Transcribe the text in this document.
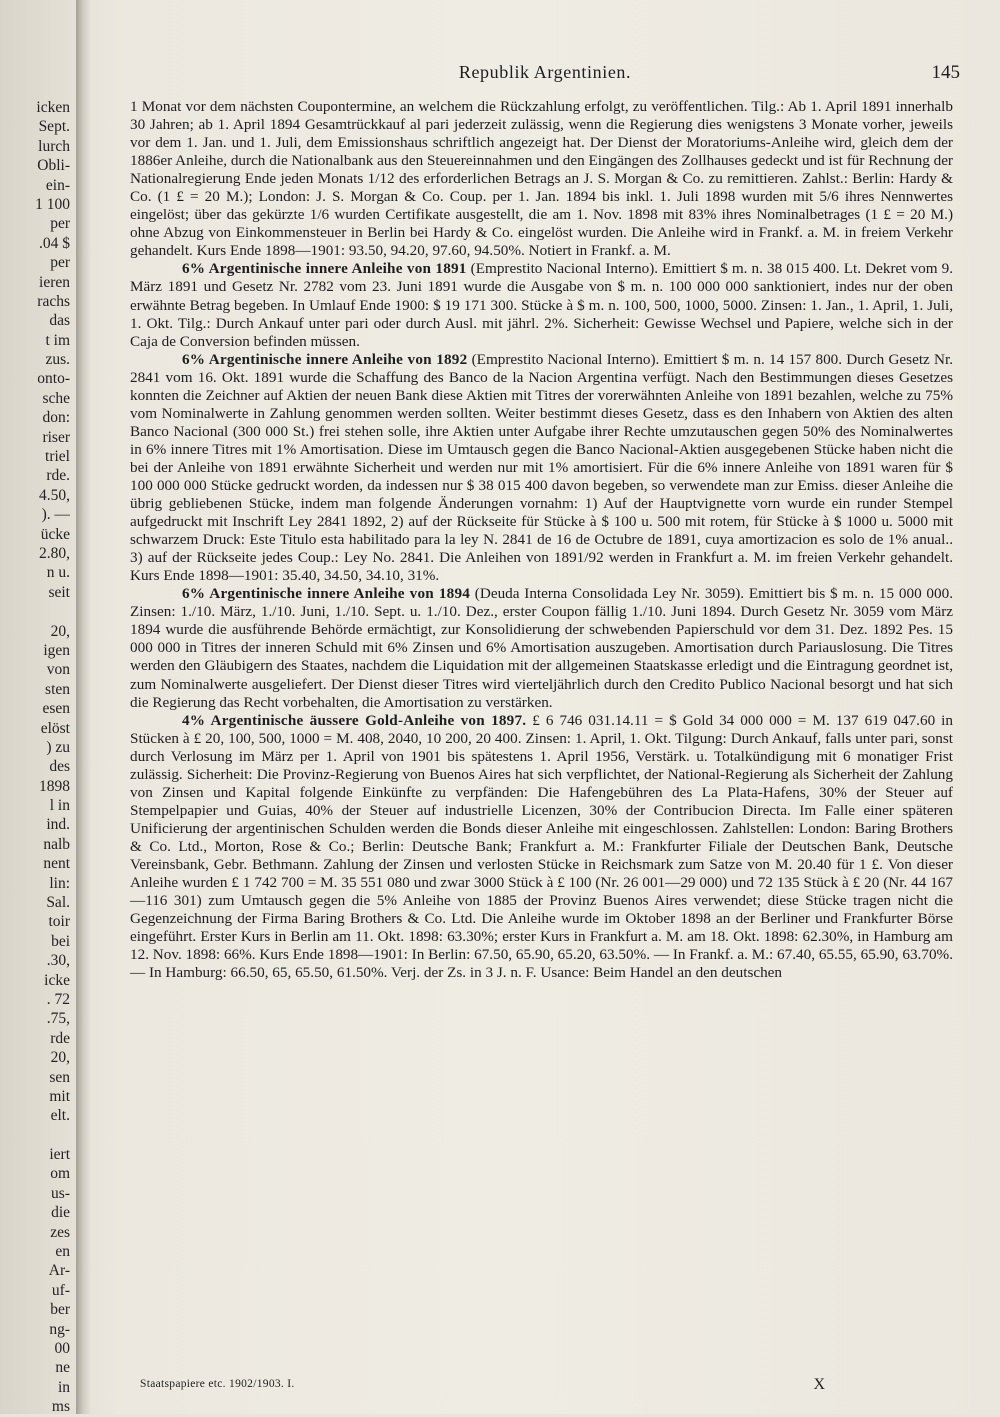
icken
Sept.
lurch
Obli-
ein-
1 100
per
.04 $
per
ieren
rachs
das
t im
zus.
onto-
sche
don:
riser
triel
rde.
4.50,
). —
ücke
2.80,
n u.
seit
20,
igen
von
sten
esen
elöst
) zu
des
1898
l in
ind.
nalb
nent
lin:
Sal.
toir
bei
.30,
icke
. 72
.75,
rde
20,
sen
mit
elt.
iert
om
us-
die
zes
en
Ar-
uf-
ber
ng-
00
ne
in
ms
Republik Argentinien.	145

1 Monat vor dem nächsten Coupontermine, an welchem die Rückzahlung erfolgt, zu veröffentlichen. Tilg.: Ab 1. April 1891 innerhalb 30 Jahren; ab 1. April 1894 Gesamtrückkauf al pari jederzeit zulässig, wenn die Regierung dies wenigstens 3 Monate vorher, jeweils vor dem 1. Jan. und 1. Juli, dem Emissionshaus schriftlich angezeigt hat. Der Dienst der Moratoriums-Anleihe wird, gleich dem der 1886er Anleihe, durch die Nationalbank aus den Steuereinnahmen und den Eingängen des Zollhauses gedeckt und ist für Rechnung der Nationalregierung Ende jeden Monats 1/12 des erforderlichen Betrags an J. S. Morgan & Co. zu remittieren. Zahlst.: Berlin: Hardy & Co. (1 £ = 20 M.); London: J. S. Morgan & Co. Coup. per 1. Jan. 1894 bis inkl. 1. Juli 1898 wurden mit 5/6 ihres Nennwertes eingelöst; über das gekürzte 1/6 wurden Certifikate ausgestellt, die am 1. Nov. 1898 mit 83% ihres Nominalbetrages (1 £ = 20 M.) ohne Abzug von Einkommensteuer in Berlin bei Hardy & Co. eingelöst wurden. Die Anleihe wird in Frankf. a. M. in freiem Verkehr gehandelt. Kurs Ende 1898—1901: 93.50, 94.20, 97.60, 94.50%. Notiert in Frankf. a. M.

6% Argentinische innere Anleihe von 1891 (Emprestito Nacional Interno). Emittiert $ m. n. 38 015 400. Lt. Dekret vom 9. März 1891 und Gesetz Nr. 2782 vom 23. Juni 1891 wurde die Ausgabe von $ m. n. 100 000 000 sanktioniert, indes nur der oben erwähnte Betrag begeben. In Umlauf Ende 1900: $ 19 171 300. Stücke à $ m. n. 100, 500, 1000, 5000. Zinsen: 1. Jan., 1. April, 1. Juli, 1. Okt. Tilg.: Durch Ankauf unter pari oder durch Ausl. mit jährl. 2%. Sicherheit: Gewisse Wechsel und Papiere, welche sich in der Caja de Conversion befinden müssen.

6% Argentinische innere Anleihe von 1892 (Emprestito Nacional Interno). Emittiert $ m. n. 14 157 800. Durch Gesetz Nr. 2841 vom 16. Okt. 1891 wurde die Schaffung des Banco de la Nacion Argentina verfügt. Nach den Bestimmungen dieses Gesetzes konnten die Zeichner auf Aktien der neuen Bank diese Aktien mit Titres der vorerwähnten Anleihe von 1891 bezahlen, welche zu 75% vom Nominalwerte in Zahlung genommen werden sollten. Weiter bestimmt dieses Gesetz, dass es den Inhabern von Aktien des alten Banco Nacional (300 000 St.) frei stehen solle, ihre Aktien unter Aufgabe ihrer Rechte umzutauschen gegen 50% des Nominalwertes in 6% innere Titres mit 1% Amortisation. Diese im Umtausch gegen die Banco Nacional-Aktien ausgegebenen Stücke haben nicht die bei der Anleihe von 1891 erwähnte Sicherheit und werden nur mit 1% amortisiert. Für die 6% innere Anleihe von 1891 waren für $ 100 000 000 Stücke gedruckt worden, da indessen nur $ 38 015 400 davon begeben, so verwendete man zur Emiss. dieser Anleihe die übrig gebliebenen Stücke, indem man folgende Änderungen vornahm: 1) Auf der Hauptvignette vorn wurde ein runder Stempel aufgedruckt mit Inschrift Ley 2841 1892, 2) auf der Rückseite für Stücke à $ 100 u. 500 mit rotem, für Stücke à $ 1000 u. 5000 mit schwarzem Druck: Este Titulo esta habilitado para la ley N. 2841 de 16 de Octubre de 1891, cuya amortizacion es solo de 1% anual.. 3) auf der Rückseite jedes Coup.: Ley No. 2841. Die Anleihen von 1891/92 werden in Frankfurt a. M. im freien Verkehr gehandelt. Kurs Ende 1898—1901: 35.40, 34.50, 34.10, 31%.

6% Argentinische innere Anleihe von 1894 (Deuda Interna Consolidada Ley Nr. 3059). Emittiert bis $ m. n. 15 000 000. Zinsen: 1./10. März, 1./10. Juni, 1./10. Sept. u. 1./10. Dez., erster Coupon fällig 1./10. Juni 1894. Durch Gesetz Nr. 3059 vom März 1894 wurde die ausführende Behörde ermächtigt, zur Konsolidierung der schwebenden Papierschuld vor dem 31. Dez. 1892 Pes. 15 000 000 in Titres der inneren Schuld mit 6% Zinsen und 6% Amortisation auszugeben. Amortisation durch Pariauslosung. Die Titres werden den Gläubigern des Staates, nachdem die Liquidation mit der allgemeinen Staatskasse erledigt und die Eintragung geordnet ist, zum Nominalwerte ausgeliefert. Der Dienst dieser Titres wird vierteljährlich durch den Credito Publico Nacional besorgt und hat sich die Regierung das Recht vorbehalten, die Amortisation zu verstärken.

4% Argentinische äussere Gold-Anleihe von 1897. £ 6 746 031.14.11 = $ Gold 34 000 000 = M. 137 619 047.60 in Stücken à £ 20, 100, 500, 1000 = M. 408, 2040, 10 200, 20 400. Zinsen: 1. April, 1. Okt. Tilgung: Durch Ankauf, falls unter pari, sonst durch Verlosung im März per 1. April von 1901 bis spätestens 1. April 1956, Verstärk. u. Totalkündigung mit 6 monatiger Frist zulässig. Sicherheit: Die Provinz-Regierung von Buenos Aires hat sich verpflichtet, der National-Regierung als Sicherheit der Zahlung von Zinsen und Kapital folgende Einkünfte zu verpfänden: Die Hafengebühren des La Plata-Hafens, 30% der Steuer auf Stempelpapier und Guias, 40% der Steuer auf industrielle Licenzen, 30% der Contribucion Directa. Im Falle einer späteren Unificierung der argentinischen Schulden werden die Bonds dieser Anleihe mit eingeschlossen. Zahlstellen: London: Baring Brothers & Co. Ltd., Morton, Rose & Co.; Berlin: Deutsche Bank; Frankfurt a. M.: Frankfurter Filiale der Deutschen Bank, Deutsche Vereinsbank, Gebr. Bethmann. Zahlung der Zinsen und verlosten Stücke in Reichsmark zum Satze von M. 20.40 für 1 £. Von dieser Anleihe wurden £ 1 742 700 = M. 35 551 080 und zwar 3000 Stück à £ 100 (Nr. 26 001—29 000) und 72 135 Stück à £ 20 (Nr. 44 167—116 301) zum Umtausch gegen die 5% Anleihe von 1885 der Provinz Buenos Aires verwendet; diese Stücke tragen nicht die Gegenzeichnung der Firma Baring Brothers & Co. Ltd. Die Anleihe wurde im Oktober 1898 an der Berliner und Frankfurter Börse eingeführt. Erster Kurs in Berlin am 11. Okt. 1898: 63.30%; erster Kurs in Frankfurt a. M. am 18. Okt. 1898: 62.30%, in Hamburg am 12. Nov. 1898: 66%. Kurs Ende 1898—1901: In Berlin: 67.50, 65.90, 65.20, 63.50%. — In Frankf. a. M.: 67.40, 65.55, 65.90, 63.70%. — In Hamburg: 66.50, 65, 65.50, 61.50%. Verj. der Zs. in 3 J. n. F. Usance: Beim Handel an den deutschen

Staatspapiere etc. 1902/1903. I.	X
